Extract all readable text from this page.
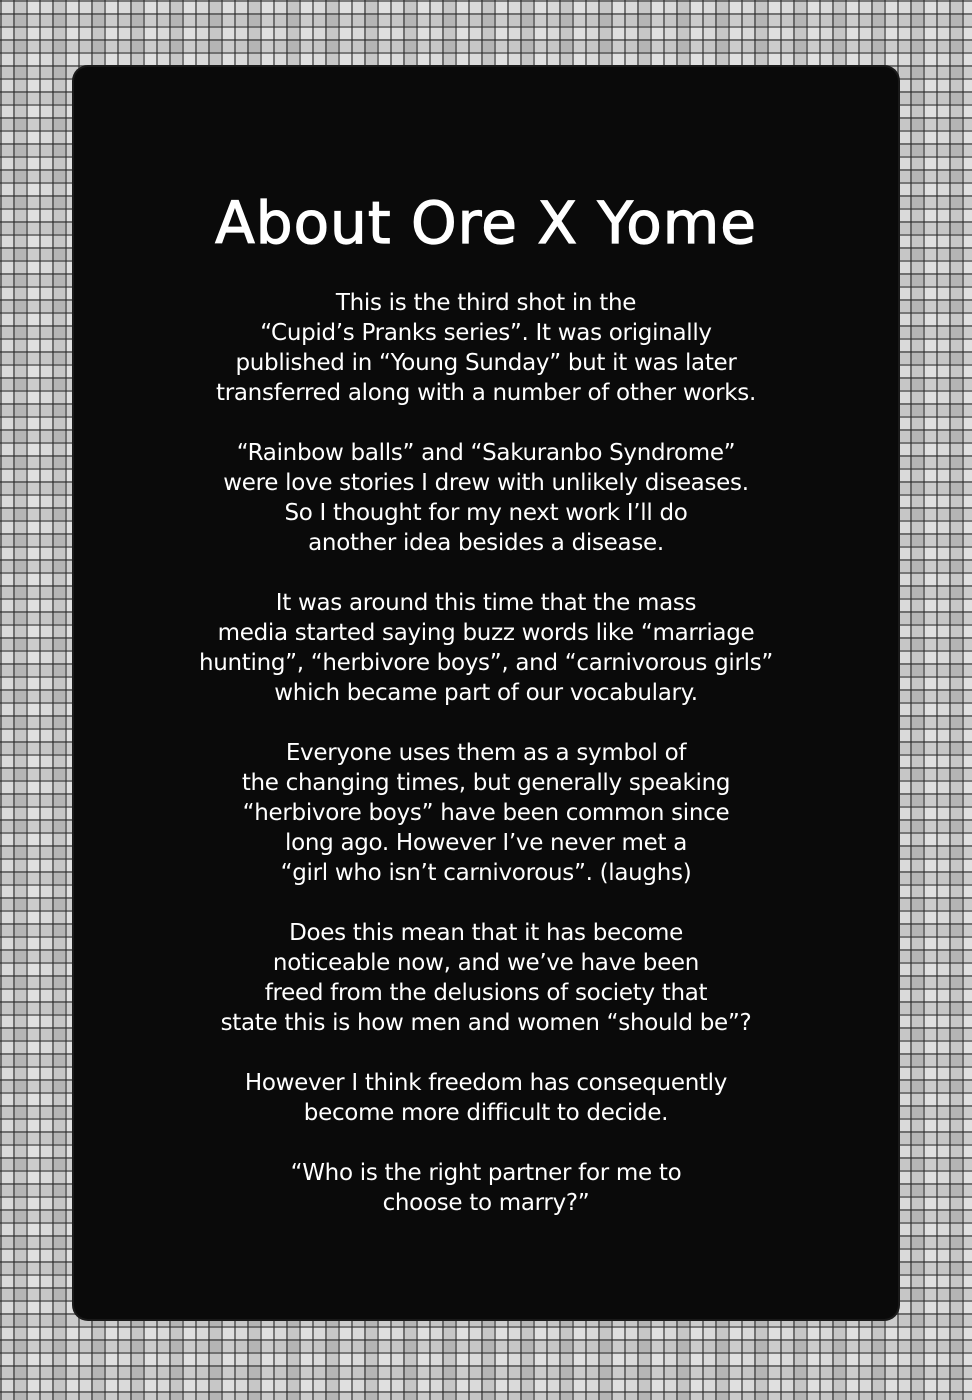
About Ore X Yome

This is the third shot in the
“Cupid’s Pranks series”. It was originally
published in “Young Sunday” but it was later
transferred along with a number of other works.

“Rainbow balls” and “Sakuranbo Syndrome”
were love stories I drew with unlikely diseases.
So I thought for my next work I’ll do
another idea besides a disease.

It was around this time that the mass
media started saying buzz words like “marriage
hunting”, “herbivore boys”, and “carnivorous girls”
which became part of our vocabulary.

Everyone uses them as a symbol of
the changing times, but generally speaking
“herbivore boys” have been common since
long ago. However I’ve never met a
“girl who isn’t carnivorous”. (laughs)

Does this mean that it has become
noticeable now, and we’ve have been
freed from the delusions of society that
state this is how men and women “should be”?

However I think freedom has consequently
become more difficult to decide.

“Who is the right partner for me to
choose to marry?”
